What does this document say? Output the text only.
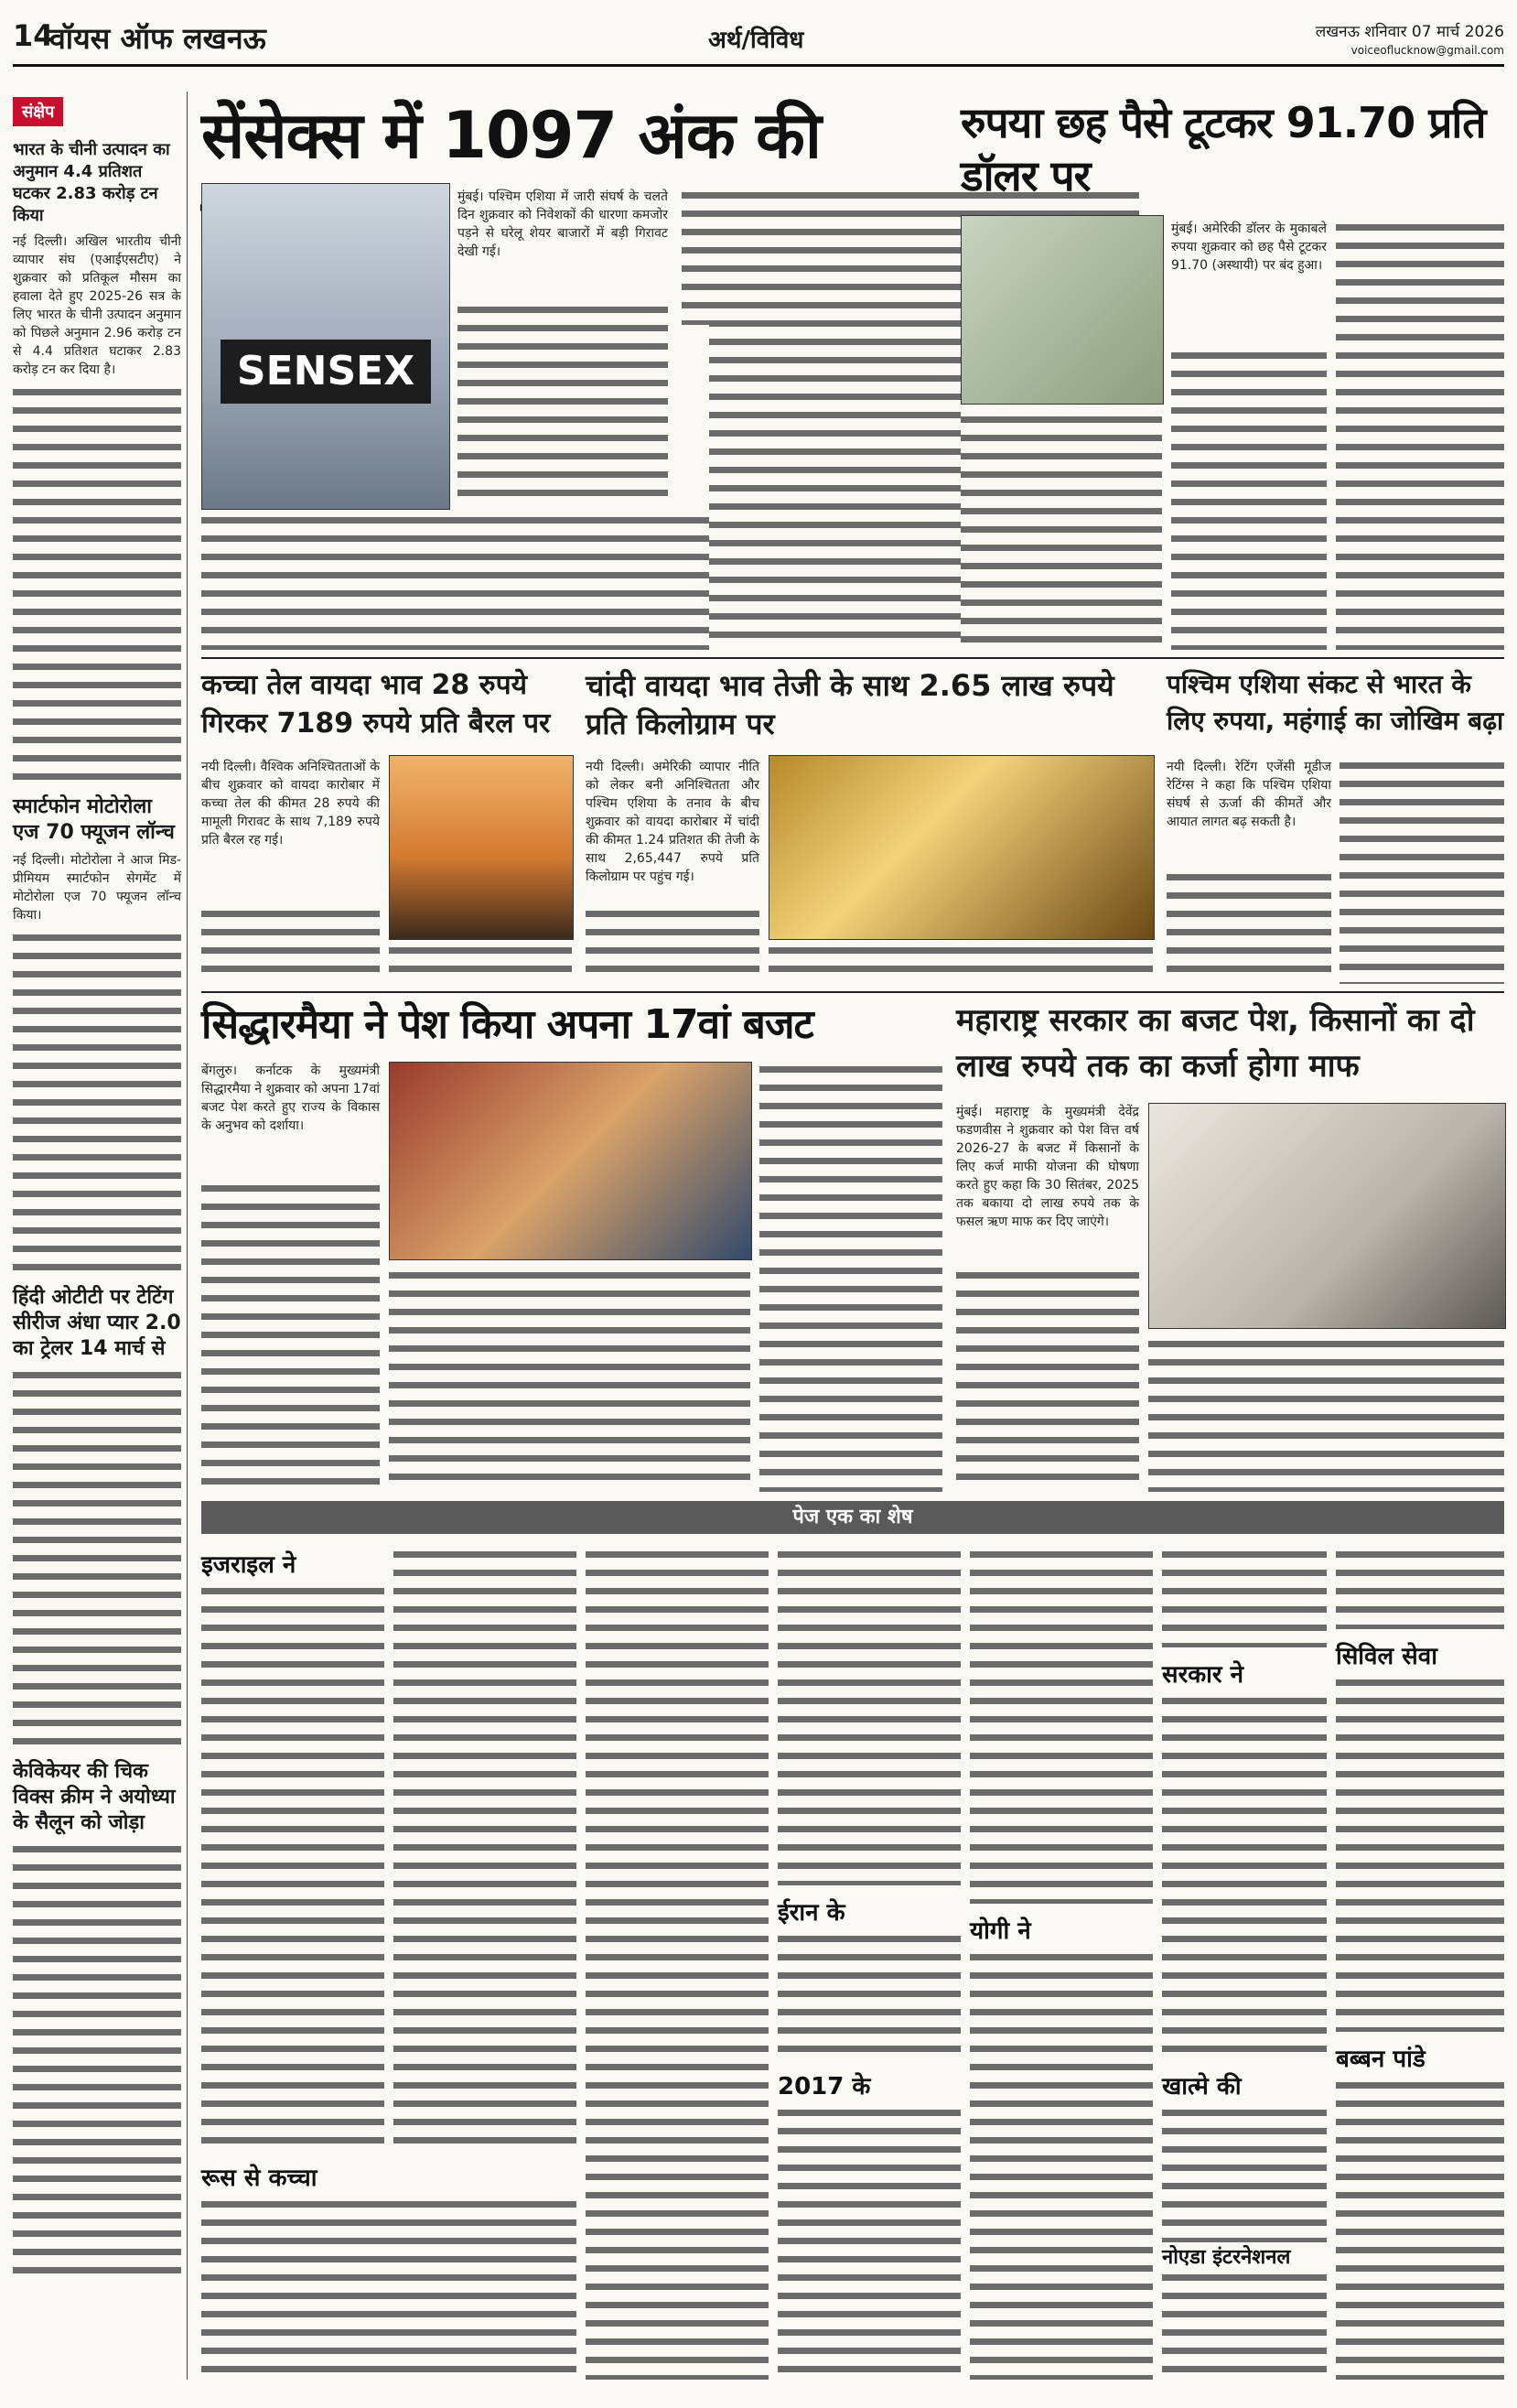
14
वॉयस ऑफ लखनऊ	अर्थ/विविध	लखनऊ शनिवार 07 मार्च 2026
voiceoflucknow@gmail.com
संक्षेप
भारत के चीनी उत्पादन का अनुमान 4.4 प्रतिशत घटकर 2.83 करोड़ टन किया
नई दिल्ली। अखिल भारतीय चीनी व्यापार संघ (एआईएसटीए) ने शुक्रवार को प्रतिकूल मौसम का हवाला देते हुए 2025-26 सत्र के लिए भारत के चीनी उत्पादन अनुमान को पिछले अनुमान 2.96 करोड़ टन से 4.4 प्रतिशत घटाकर 2.83 करोड़ टन कर दिया है।
स्मार्टफोन मोटोरोला एज 70 फ्यूजन लॉन्च
नई दिल्ली। मोटोरोला ने आज मिड-प्रीमियम स्मार्टफोन सेगमेंट में मोटोरोला एज 70 फ्यूजन लॉन्च किया।
हिंदी ओटीटी पर टेटिंग सीरीज अंधा प्यार 2.0 का ट्रेलर 14 मार्च से
केविकेयर की चिक विक्स क्रीम ने अयोध्या के सैलून को जोड़ा
सेंसेक्स में 1097 अंक की
SENSEX
मुंबई। पश्चिम एशिया में जारी संघर्ष के चलते दिन शुक्रवार को निवेशकों की धारणा कमजोर पड़ने से घरेलू शेयर बाजारों में बड़ी गिरावट देखी गई।
रुपया छह पैसे टूटकर 91.70 प्रति डॉलर पर
मुंबई। अमेरिकी डॉलर के मुकाबले रुपया शुक्रवार को छह पैसे टूटकर 91.70 (अस्थायी) पर बंद हुआ।
कच्चा तेल वायदा भाव 28 रुपये गिरकर 7189 रुपये प्रति बैरल पर
नयी दिल्ली। वैश्विक अनिश्चितताओं के बीच शुक्रवार को वायदा कारोबार में कच्चा तेल की कीमत 28 रुपये की मामूली गिरावट के साथ 7,189 रुपये प्रति बैरल रह गई।
चांदी वायदा भाव तेजी के साथ 2.65 लाख रुपये प्रति किलोग्राम पर
नयी दिल्ली। अमेरिकी व्यापार नीति को लेकर बनी अनिश्चितता और पश्चिम एशिया के तनाव के बीच शुक्रवार को वायदा कारोबार में चांदी की कीमत 1.24 प्रतिशत की तेजी के साथ 2,65,447 रुपये प्रति किलोग्राम पर पहुंच गई।
पश्चिम एशिया संकट से भारत के लिए रुपया, महंगाई का जोखिम बढ़ा
नयी दिल्ली। रेटिंग एजेंसी मूडीज रेटिंग्स ने कहा कि पश्चिम एशिया संघर्ष से ऊर्जा की कीमतें और आयात लागत बढ़ सकती है।
सिद्धारमैया ने पेश किया अपना 17वां बजट
बेंगलुरु। कर्नाटक के मुख्यमंत्री सिद्धारमैया ने शुक्रवार को अपना 17वां बजट पेश करते हुए राज्य के विकास के अनुभव को दर्शाया।
महाराष्ट्र सरकार का बजट पेश, किसानों का दो लाख रुपये तक का कर्जा होगा माफ
मुंबई। महाराष्ट्र के मुख्यमंत्री देवेंद्र फडणवीस ने शुक्रवार को पेश वित्त वर्ष 2026-27 के बजट में किसानों के लिए कर्ज माफी योजना की घोषणा करते हुए कहा कि 30 सितंबर, 2025 तक बकाया दो लाख रुपये तक के फसल ऋण माफ कर दिए जाएंगे।
पेज एक का शेष
इजराइल ने
रूस से कच्चा
ईरान के
2017 के
योगी ने
सरकार ने
खात्मे की
सिविल सेवा
बब्बन पांडे
नोएडा इंटरनेशनल
